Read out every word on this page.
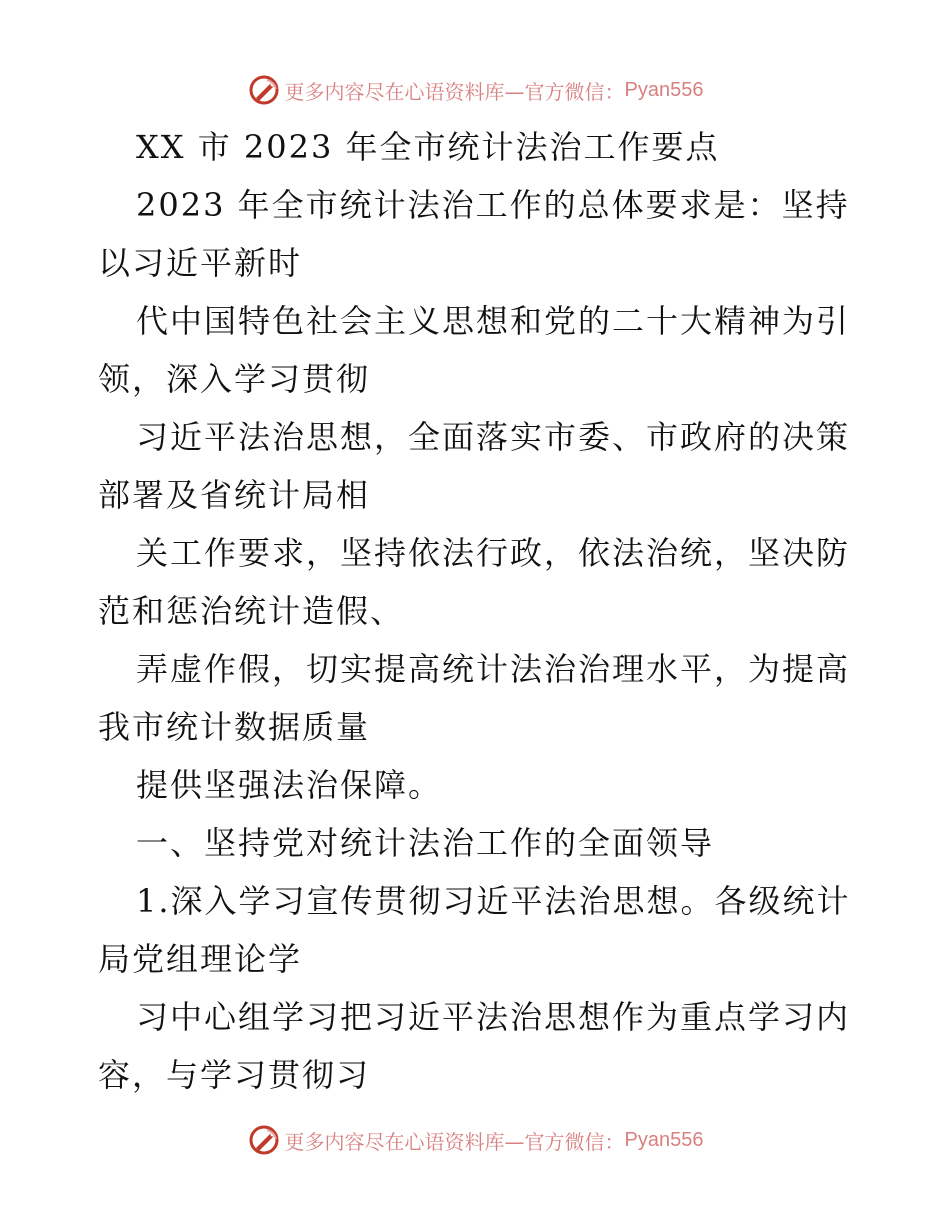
更多内容尽在心语资料库—官方微信： Pyan556
XX 市 2023 年全市统计法治工作要点
2023 年全市统计法治工作的总体要求是：坚持
以习近平新时
代中国特色社会主义思想和党的二十大精神为引
领，深入学习贯彻
习近平法治思想，全面落实市委、市政府的决策
部署及省统计局相
关工作要求，坚持依法行政，依法治统，坚决防
范和惩治统计造假、
弄虚作假，切实提高统计法治治理水平，为提高
我市统计数据质量
提供坚强法治保障。
一、坚持党对统计法治工作的全面领导
1.深入学习宣传贯彻习近平法治思想。各级统计
局党组理论学
习中心组学习把习近平法治思想作为重点学习内
容，与学习贯彻习
更多内容尽在心语资料库—官方微信： Pyan556
